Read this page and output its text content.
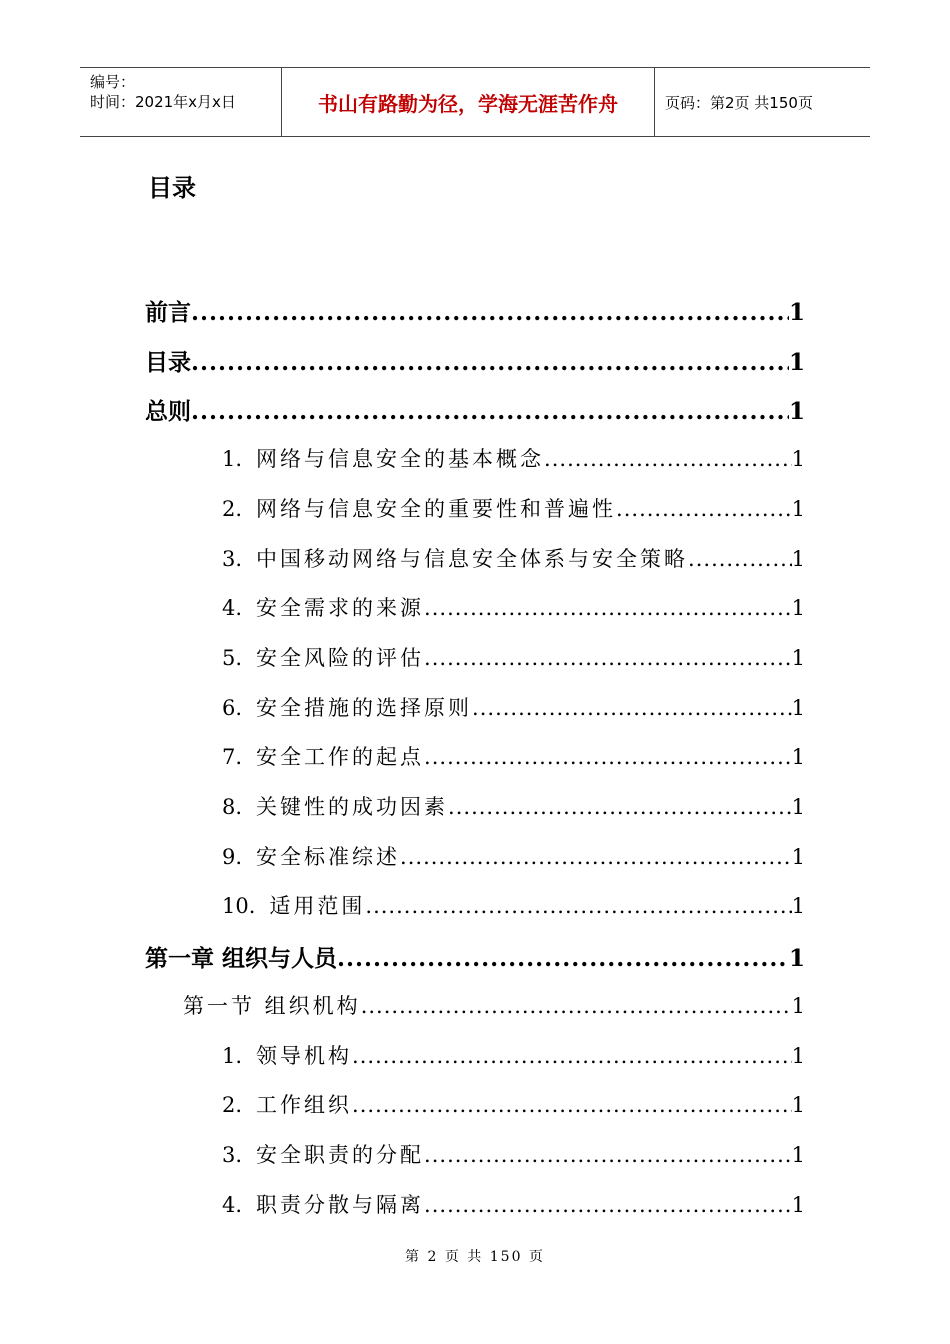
编号：
时间：2021年x月x日	书山有路勤为径，学海无涯苦作舟	页码：第2页 共150页
目录
前言 .....	1
目录 .....	1
总则 .....	1
1. 网络与信息安全的基本概念 .....	1
2. 网络与信息安全的重要性和普遍性 .....	1
3. 中国移动网络与信息安全体系与安全策略 .....	1
4. 安全需求的来源 .....	1
5. 安全风险的评估 .....	1
6. 安全措施的选择原则 .....	1
7. 安全工作的起点 .....	1
8. 关键性的成功因素 .....	1
9. 安全标准综述 .....	1
10. 适用范围 .....	1
第一章 组织与人员 .....	1
第一节 组织机构 .....	1
1. 领导机构 .....	1
2. 工作组织 .....	1
3. 安全职责的分配 .....	1
4. 职责分散与隔离 .....	1
第 2 页 共 150 页
